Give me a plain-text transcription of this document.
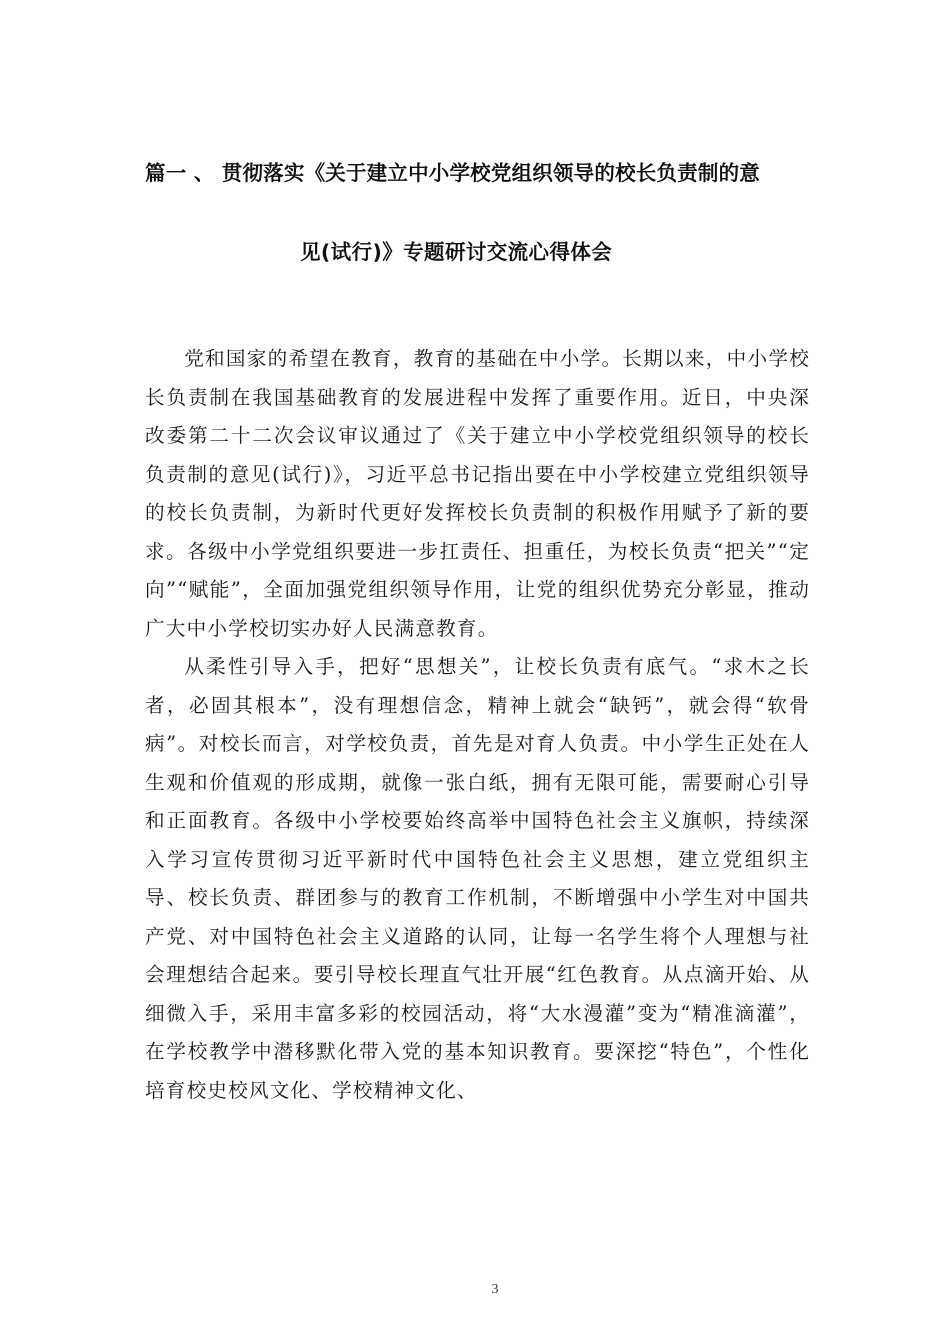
篇一 、 贯彻落实《关于建立中小学校党组织领导的校长负责制的意
见(试行)》专题研讨交流心得体会

党和国家的希望在教育，教育的基础在中小学。长期以来，中小学校长负责制在我国基础教育的发展进程中发挥了重要作用。近日，中央深改委第二十二次会议审议通过了《关于建立中小学校党组织领导的校长负责制的意见(试行)》，习近平总书记指出要在中小学校建立党组织领导的校长负责制，为新时代更好发挥校长负责制的积极作用赋予了新的要求。各级中小学党组织要进一步扛责任、担重任，为校长负责“把关”“定向”“赋能”，全面加强党组织领导作用，让党的组织优势充分彰显，推动广大中小学校切实办好人民满意教育。

从柔性引导入手，把好“思想关”，让校长负责有底气。“求木之长者，必固其根本”，没有理想信念，精神上就会“缺钙”，就会得“软骨病”。对校长而言，对学校负责，首先是对育人负责。中小学生正处在人生观和价值观的形成期，就像一张白纸，拥有无限可能，需要耐心引导和正面教育。各级中小学校要始终高举中国特色社会主义旗帜，持续深入学习宣传贯彻习近平新时代中国特色社会主义思想，建立党组织主导、校长负责、群团参与的教育工作机制，不断增强中小学生对中国共产党、对中国特色社会主义道路的认同，让每一名学生将个人理想与社会理想结合起来。要引导校长理直气壮开展“红色教育。从点滴开始、从细微入手，采用丰富多彩的校园活动，将“大水漫灌”变为“精准滴灌”，在学校教学中潜移默化带入党的基本知识教育。要深挖“特色”，个性化培育校史校风文化、学校精神文化、

3
